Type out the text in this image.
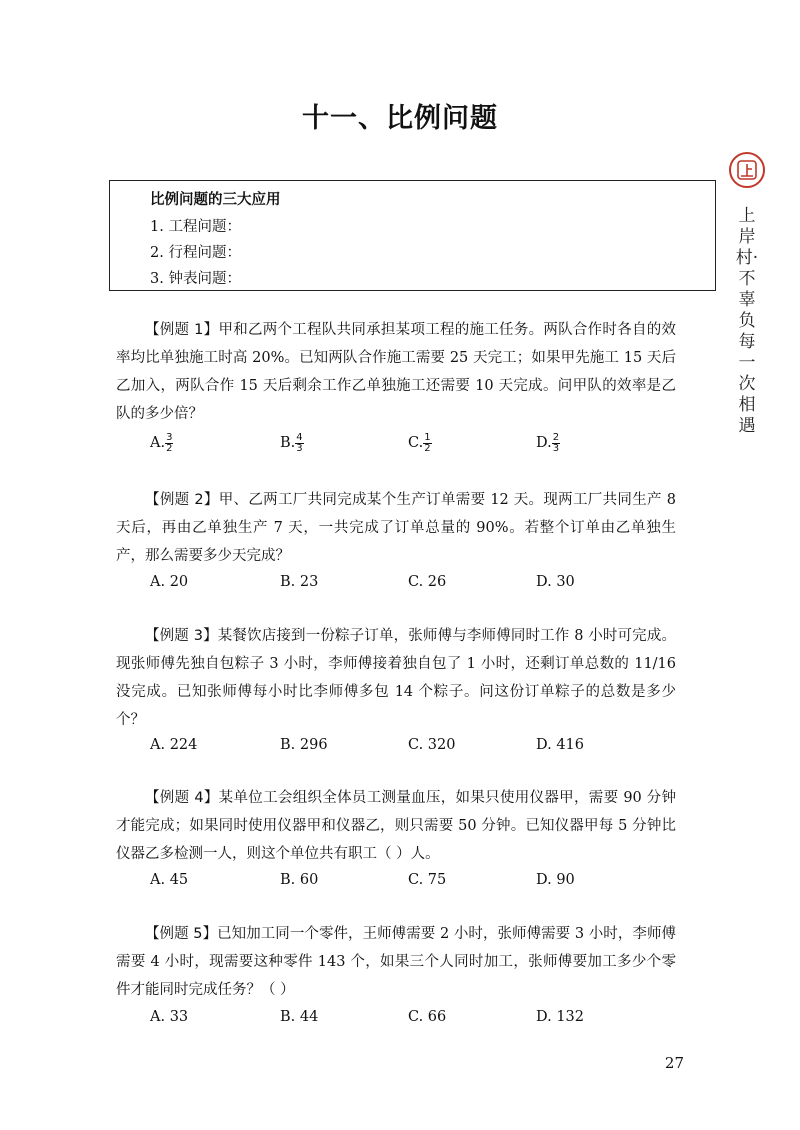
十一、比例问题
上岸村·不辜负每一次相遇
比例问题的三大应用
1. 工程问题：
2. 行程问题：
3. 钟表问题：
【例题 1】甲和乙两个工程队共同承担某项工程的施工任务。两队合作时各自的效率均比单独施工时高 20%。已知两队合作施工需要 25 天完工；如果甲先施工 15 天后乙加入，两队合作 15 天后剩余工作乙单独施工还需要 10 天完成。问甲队的效率是乙队的多少倍？
A. $\frac{3}{2}$	B. $\frac{4}{3}$	C. $\frac{1}{2}$	D. $\frac{2}{3}$
【例题 2】甲、乙两工厂共同完成某个生产订单需要 12 天。现两工厂共同生产 8 天后，再由乙单独生产 7 天，一共完成了订单总量的 90%。若整个订单由乙单独生产，那么需要多少天完成？
A. 20	B. 23	C. 26	D. 30
【例题 3】某餐饮店接到一份粽子订单，张师傅与李师傅同时工作 8 小时可完成。现张师傅先独自包粽子 3 小时，李师傅接着独自包了 1 小时，还剩订单总数的 11/16 没完成。已知张师傅每小时比李师傅多包 14 个粽子。问这份订单粽子的总数是多少个？
A. 224	B. 296	C. 320	D. 416
【例题 4】某单位工会组织全体员工测量血压，如果只使用仪器甲，需要 90 分钟才能完成；如果同时使用仪器甲和仪器乙，则只需要 50 分钟。已知仪器甲每 5 分钟比仪器乙多检测一人，则这个单位共有职工（ ）人。
A. 45	B. 60	C. 75	D. 90
【例题 5】已知加工同一个零件，王师傅需要 2 小时，张师傅需要 3 小时，李师傅需要 4 小时，现需要这种零件 143 个，如果三个人同时加工，张师傅要加工多少个零件才能同时完成任务？（ ）
A. 33	B. 44	C. 66	D. 132
27
